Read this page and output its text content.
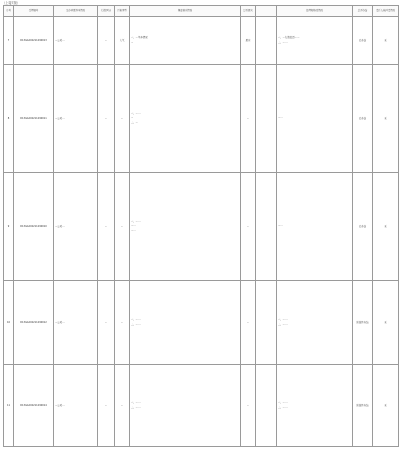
（上接7版）
序号	受理编号	交办问题基本情况	行政区域	污染类型	调查核实情况	是否属实		处理和整改情况	是否办结	责任人被问责情况
7	D13GA202211290013	…公司…	…	大气	一、…基本情况
…	属实		一、…行政处罚……
二、……	已办结	无
8	D13GA202211290011	…公司…	…	…	一、……
…
二、…	…		……	已办结	无
9	D13GA202211290010	…公司…	…	…	一、……
……
……	…		……	已办结	无
10	D13GA202211290012	…公司…	…	…	一、……
二、……	…		一、……
二、……	阶段性办结	无
11	D13GA202211290014	…公司…	…	…	一、……
二、……	…		一、……
二、……	阶段性办结	无
